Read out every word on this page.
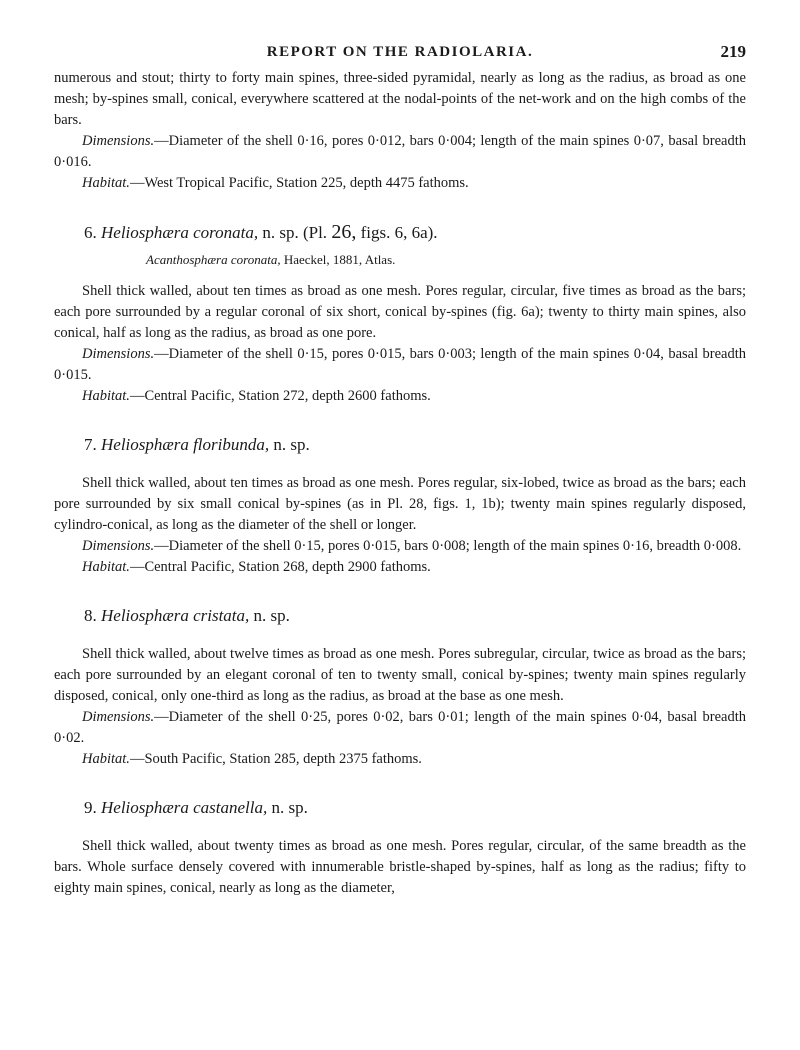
REPORT ON THE RADIOLARIA.	219

numerous and stout; thirty to forty main spines, three-sided pyramidal, nearly as long as the radius, as broad as one mesh; by-spines small, conical, everywhere scattered at the nodal-points of the net-work and on the high combs of the bars.

Dimensions.—Diameter of the shell 0·16, pores 0·012, bars 0·004; length of the main spines 0·07, basal breadth 0·016.

Habitat.—West Tropical Pacific, Station 225, depth 4475 fathoms.

6. Heliosphæra coronata, n. sp. (Pl. 26, figs. 6, 6a).
Acanthosphæra coronata, Haeckel, 1881, Atlas.

Shell thick walled, about ten times as broad as one mesh. Pores regular, circular, five times as broad as the bars; each pore surrounded by a regular coronal of six short, conical by-spines (fig. 6a); twenty to thirty main spines, also conical, half as long as the radius, as broad as one pore.

Dimensions.—Diameter of the shell 0·15, pores 0·015, bars 0·003; length of the main spines 0·04, basal breadth 0·015.

Habitat.—Central Pacific, Station 272, depth 2600 fathoms.

7. Heliosphæra floribunda, n. sp.

Shell thick walled, about ten times as broad as one mesh. Pores regular, six-lobed, twice as broad as the bars; each pore surrounded by six small conical by-spines (as in Pl. 28, figs. 1, 1b); twenty main spines regularly disposed, cylindro-conical, as long as the diameter of the shell or longer.

Dimensions.—Diameter of the shell 0·15, pores 0·015, bars 0·008; length of the main spines 0·16, breadth 0·008.

Habitat.—Central Pacific, Station 268, depth 2900 fathoms.

8. Heliosphæra cristata, n. sp.

Shell thick walled, about twelve times as broad as one mesh. Pores subregular, circular, twice as broad as the bars; each pore surrounded by an elegant coronal of ten to twenty small, conical by-spines; twenty main spines regularly disposed, conical, only one-third as long as the radius, as broad at the base as one mesh.

Dimensions.—Diameter of the shell 0·25, pores 0·02, bars 0·01; length of the main spines 0·04, basal breadth 0·02.

Habitat.—South Pacific, Station 285, depth 2375 fathoms.

9. Heliosphæra castanella, n. sp.

Shell thick walled, about twenty times as broad as one mesh. Pores regular, circular, of the same breadth as the bars. Whole surface densely covered with innumerable bristle-shaped by-spines, half as long as the radius; fifty to eighty main spines, conical, nearly as long as the diameter,
